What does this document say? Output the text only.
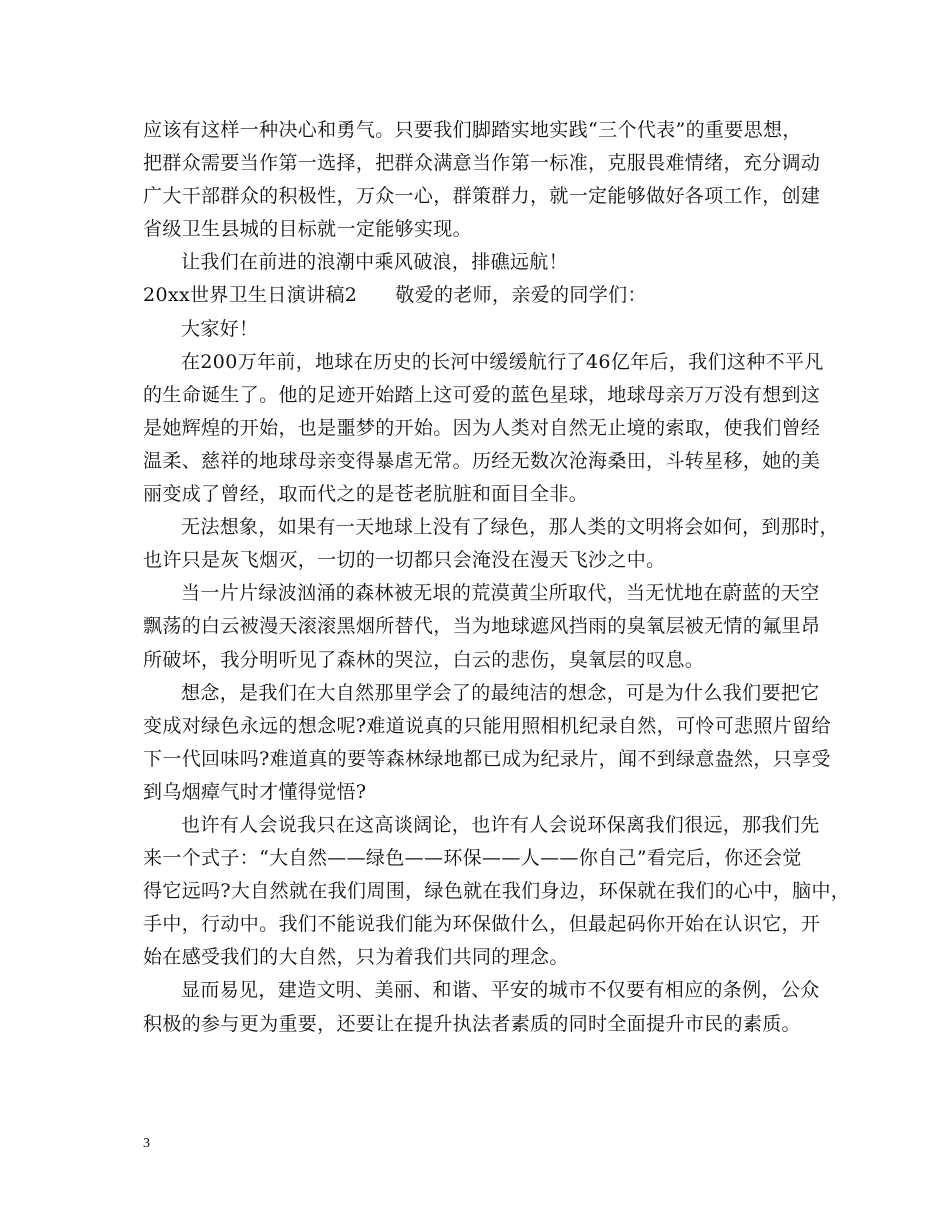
应该有这样一种决心和勇气。只要我们脚踏实地实践“三个代表”的重要思想，
把群众需要当作第一选择，把群众满意当作第一标准，克服畏难情绪，充分调动
广大干部群众的积极性，万众一心，群策群力，就一定能够做好各项工作，创建
省级卫生县城的目标就一定能够实现。
让我们在前进的浪潮中乘风破浪，排礁远航！
20xx世界卫生日演讲稿2 敬爱的老师，亲爱的同学们：
大家好！
在200万年前，地球在历史的长河中缓缓航行了46亿年后，我们这种不平凡
的生命诞生了。他的足迹开始踏上这可爱的蓝色星球，地球母亲万万没有想到这
是她辉煌的开始，也是噩梦的开始。因为人类对自然无止境的索取，使我们曾经
温柔、慈祥的地球母亲变得暴虐无常。历经无数次沧海桑田，斗转星移，她的美
丽变成了曾经，取而代之的是苍老肮脏和面目全非。
无法想象，如果有一天地球上没有了绿色，那人类的文明将会如何，到那时，
也许只是灰飞烟灭，一切的一切都只会淹没在漫天飞沙之中。
当一片片绿波汹涌的森林被无垠的荒漠黄尘所取代，当无忧地在蔚蓝的天空
飘荡的白云被漫天滚滚黑烟所替代，当为地球遮风挡雨的臭氧层被无情的氟里昂
所破坏，我分明听见了森林的哭泣，白云的悲伤，臭氧层的叹息。
想念，是我们在大自然那里学会了的最纯洁的想念，可是为什么我们要把它
变成对绿色永远的想念呢?难道说真的只能用照相机纪录自然，可怜可悲照片留给
下一代回味吗?难道真的要等森林绿地都已成为纪录片，闻不到绿意盎然，只享受
到乌烟瘴气时才懂得觉悟?
也许有人会说我只在这高谈阔论，也许有人会说环保离我们很远，那我们先
来一个式子：“大自然——绿色——环保——人——你自己”看完后，你还会觉
得它远吗?大自然就在我们周围，绿色就在我们身边，环保就在我们的心中，脑中，
手中，行动中。我们不能说我们能为环保做什么，但最起码你开始在认识它，开
始在感受我们的大自然，只为着我们共同的理念。
显而易见，建造文明、美丽、和谐、平安的城市不仅要有相应的条例，公众
积极的参与更为重要，还要让在提升执法者素质的同时全面提升市民的素质。
3
